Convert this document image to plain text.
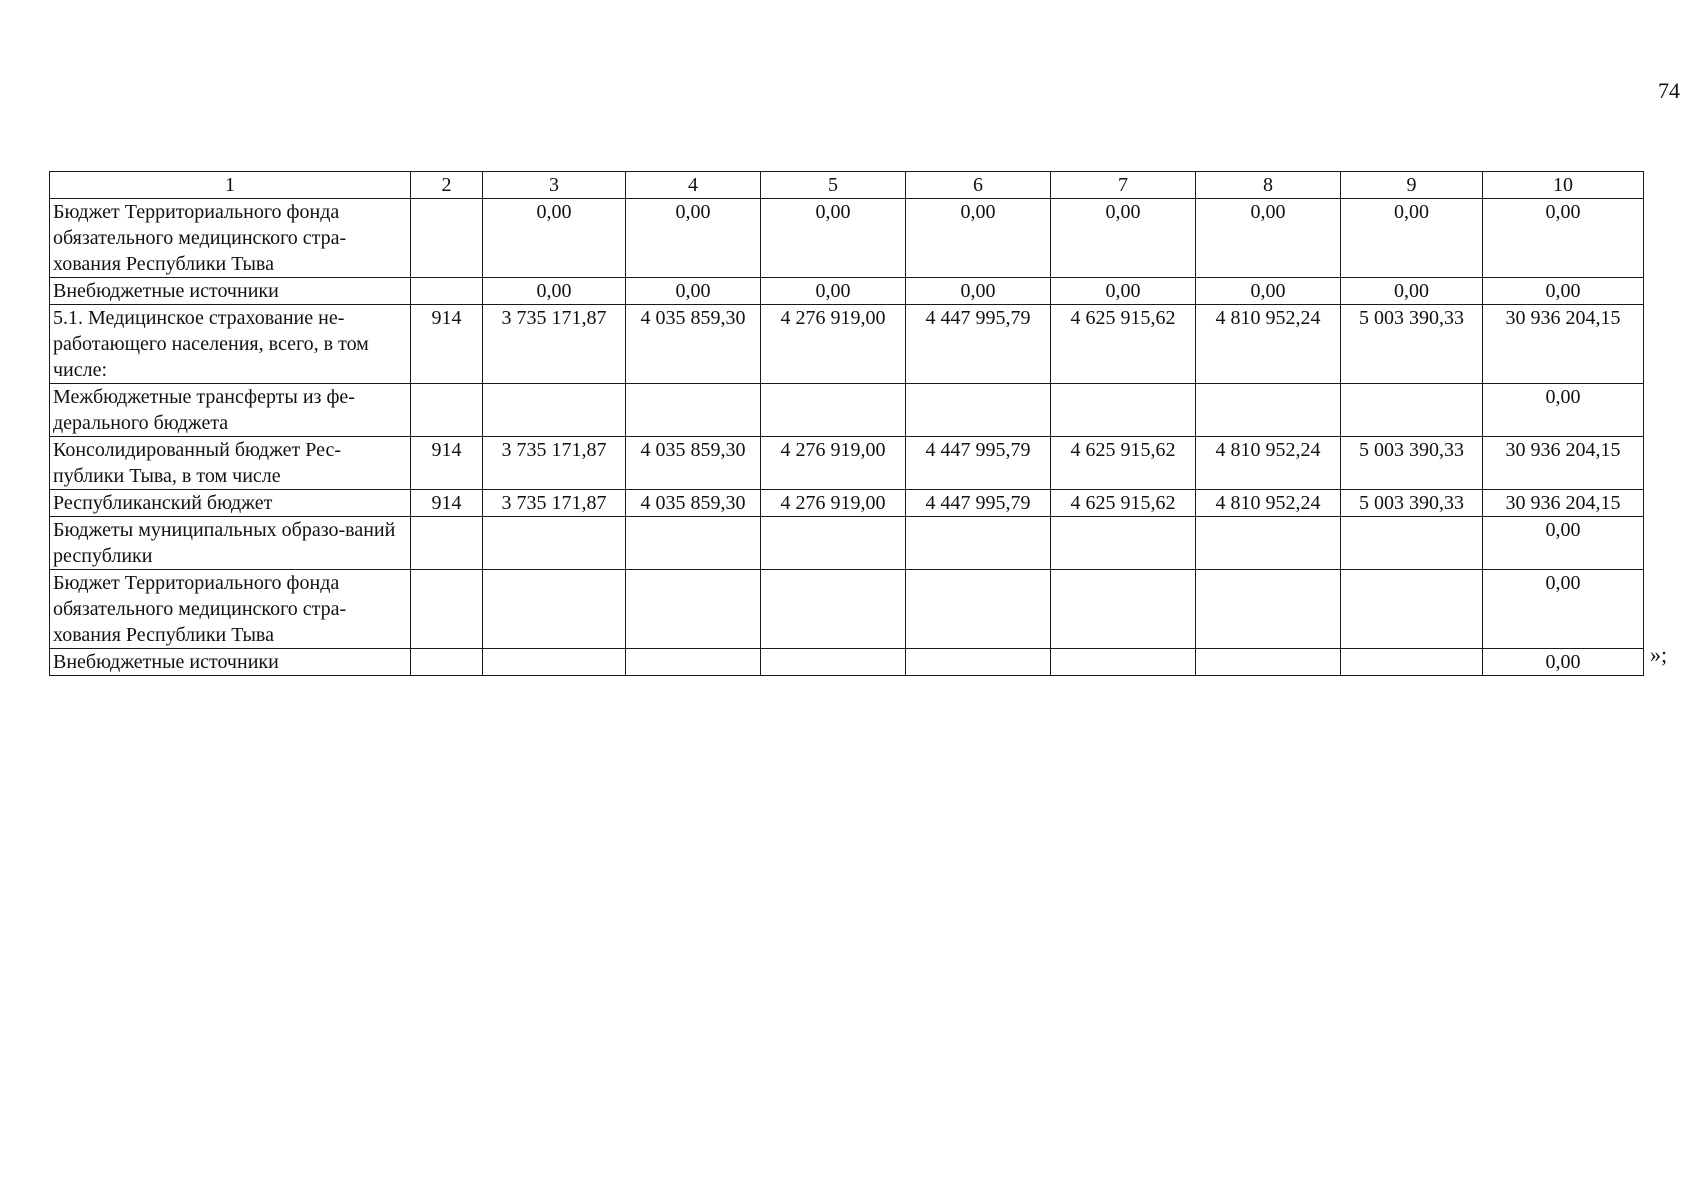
74
1	2	3	4	5	6	7	8	9	10
Бюджет Территориального фонда обязательного медицинского стра-хования Республики Тыва		0,00	0,00	0,00	0,00	0,00	0,00	0,00	0,00
Внебюджетные источники		0,00	0,00	0,00	0,00	0,00	0,00	0,00	0,00
5.1. Медицинское страхование не-работающего населения, всего, в том числе:	914	3 735 171,87	4 035 859,30	4 276 919,00	4 447 995,79	4 625 915,62	4 810 952,24	5 003 390,33	30 936 204,15
Межбюджетные трансферты из фе-дерального бюджета									0,00
Консолидированный бюджет Рес-публики Тыва, в том числе	914	3 735 171,87	4 035 859,30	4 276 919,00	4 447 995,79	4 625 915,62	4 810 952,24	5 003 390,33	30 936 204,15
Республиканский бюджет	914	3 735 171,87	4 035 859,30	4 276 919,00	4 447 995,79	4 625 915,62	4 810 952,24	5 003 390,33	30 936 204,15
Бюджеты муниципальных образо-ваний республики									0,00
Бюджет Территориального фонда обязательного медицинского стра-хования Республики Тыва									0,00
Внебюджетные источники									0,00	»;
